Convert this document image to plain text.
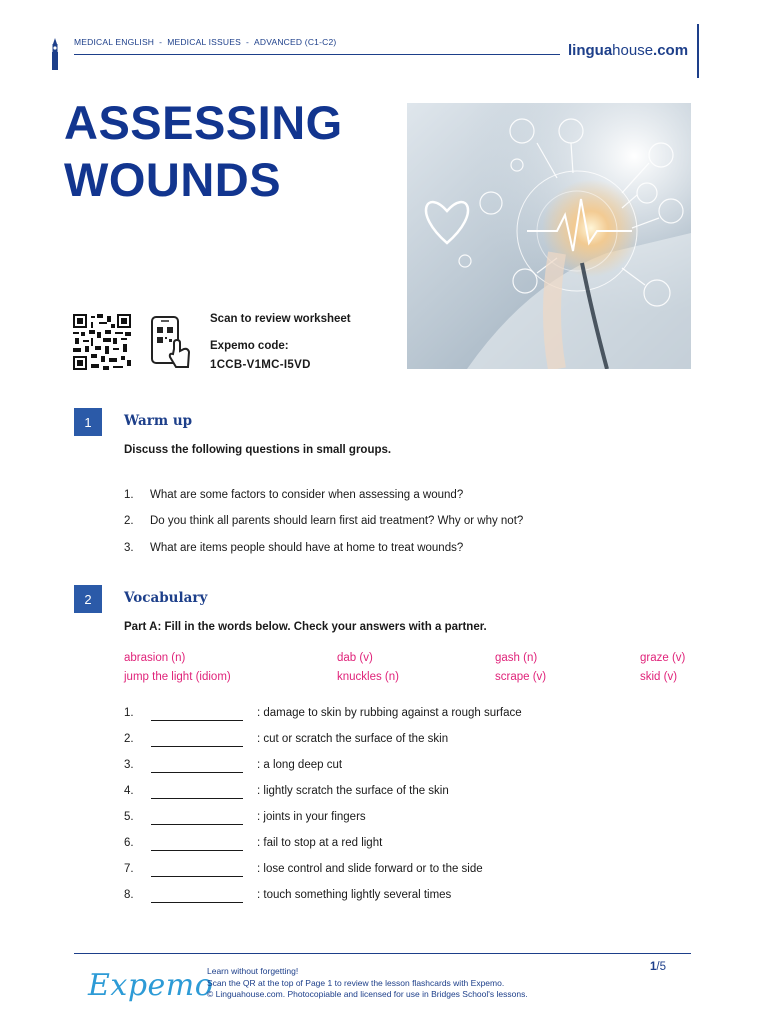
MEDICAL ENGLISH - MEDICAL ISSUES - ADVANCED (C1-C2)	linguahouse.com
ASSESSING
WOUNDS
Scan to review worksheet
Expemo code:
1CCB-V1MC-I5VD
1	Warm up
Discuss the following questions in small groups.
1. What are some factors to consider when assessing a wound?
2. Do you think all parents should learn first aid treatment? Why or why not?
3. What are items people should have at home to treat wounds?
2	Vocabulary
Part A: Fill in the words below. Check your answers with a partner.
abrasion (n)	dab (v)	gash (n)	graze (v)
jump the light (idiom)	knuckles (n)	scrape (v)	skid (v)
1.	: damage to skin by rubbing against a rough surface
2.	: cut or scratch the surface of the skin
3.	: a long deep cut
4.	: lightly scratch the surface of the skin
5.	: joints in your fingers
6.	: fail to stop at a red light
7.	: lose control and slide forward or to the side
8.	: touch something lightly several times
Expemo
Learn without forgetting!
Scan the QR at the top of Page 1 to review the lesson flashcards with Expemo.
© Linguahouse.com. Photocopiable and licensed for use in Bridges School's lessons.
1/5
